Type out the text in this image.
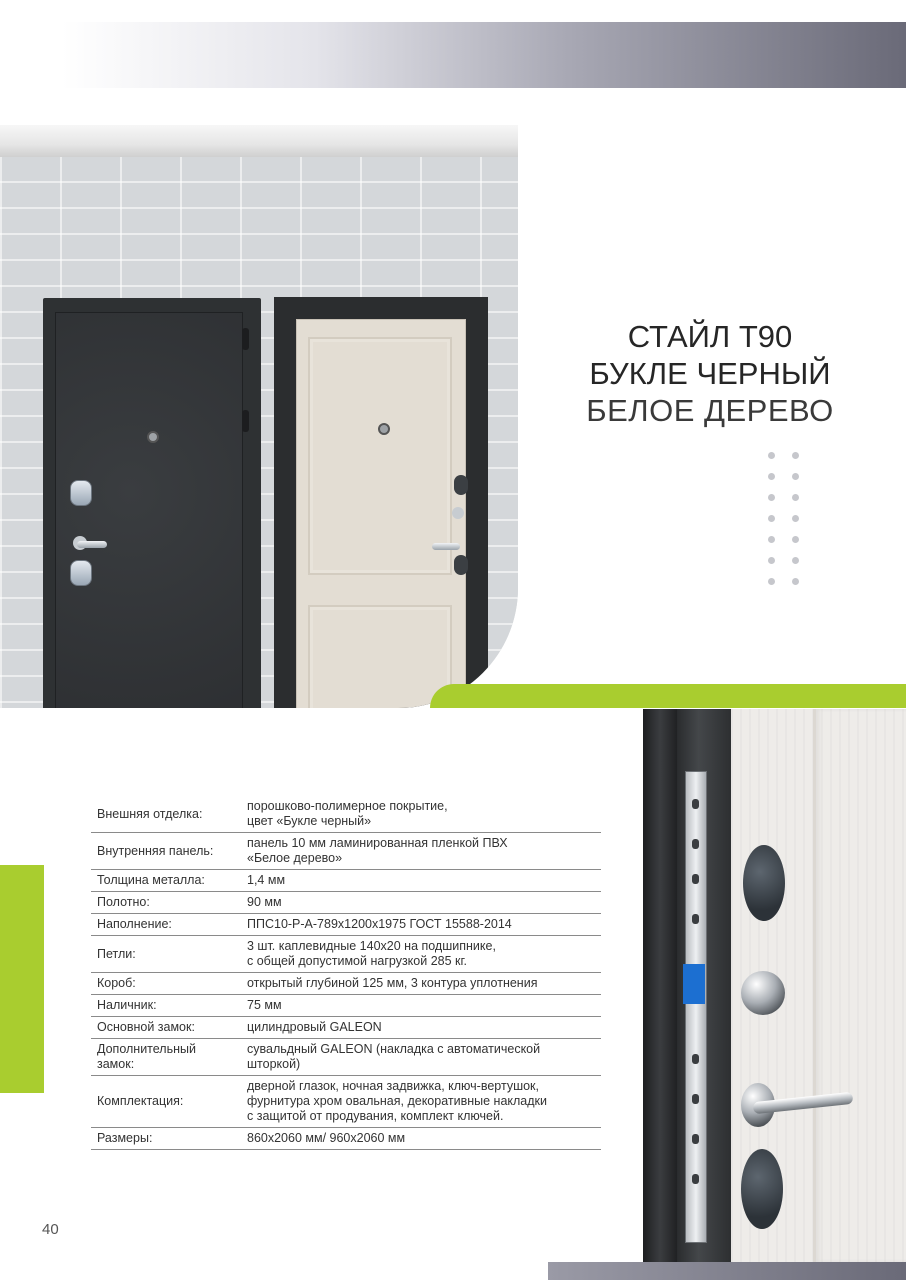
СТАЙЛ Т90
БУКЛЕ ЧЕРНЫЙ
БЕЛОЕ ДЕРЕВО
Внешняя отделка:	порошково-полимерное покрытие,
цвет «Букле черный»
Внутренняя панель:	панель 10 мм ламинированная пленкой ПВХ
«Белое дерево»
Толщина металла:	1,4 мм
Полотно:	90 мм
Наполнение:	ППС10-Р-А-789х1200х1975 ГОСТ 15588-2014
Петли:	3 шт. каплевидные 140х20 на подшипнике,
с общей допустимой нагрузкой 285 кг.
Короб:	открытый глубиной 125 мм, 3 контура уплотнения
Наличник:	75 мм
Основной замок:	цилиндровый GALEON
Дополнительный
замок:	сувальдный GALEON (накладка с автоматической
шторкой)
Комплектация:	дверной глазок, ночная задвижка, ключ-вертушок,
фурнитура хром овальная, декоративные накладки
с защитой от продувания, комплект ключей.
Размеры:	860х2060 мм/ 960х2060 мм
40
